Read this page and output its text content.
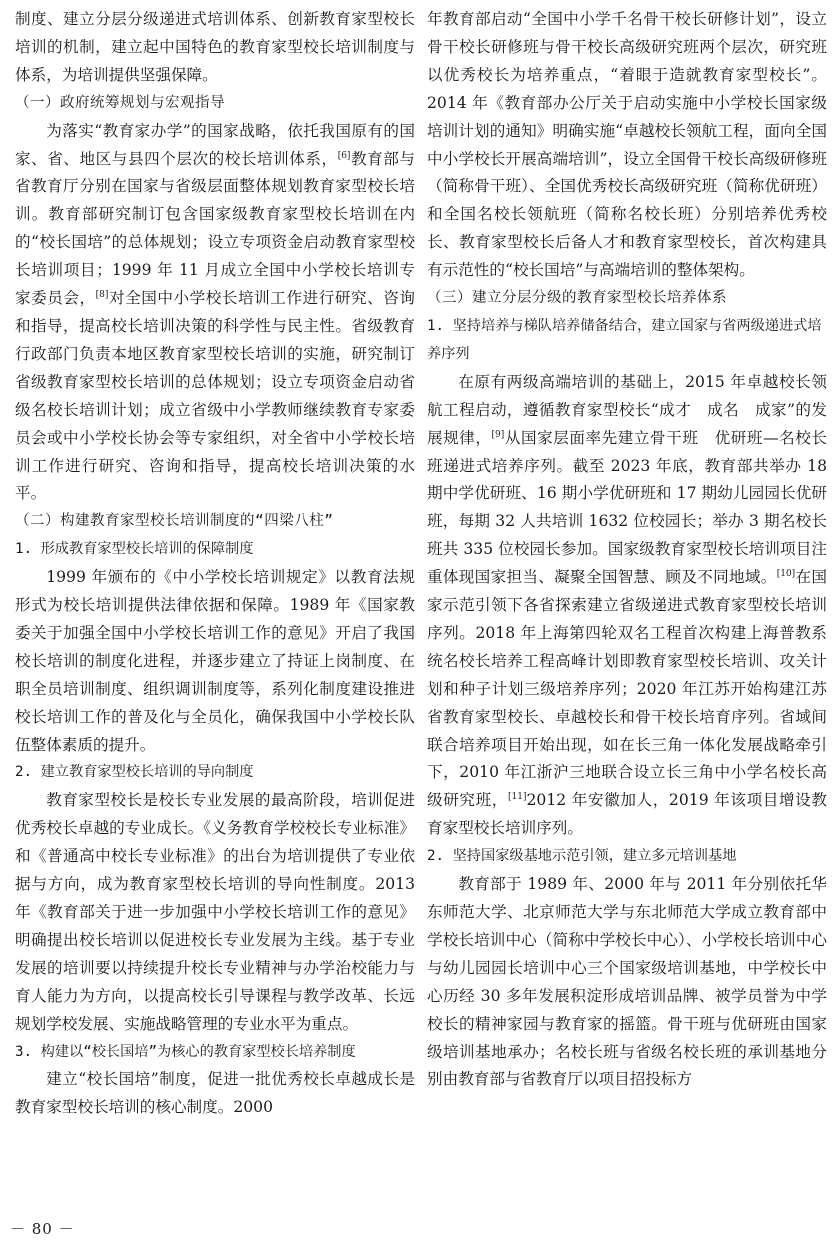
制度、建立分层分级递进式培训体系、创新教育家型校长培训的机制，建立起中国特色的教育家型校长培训制度与体系，为培训提供坚强保障。

（一）政府统筹规划与宏观指导

为落实“教育家办学”的国家战略，依托我国原有的国家、省、地区与县四个层次的校长培训体系，[6]教育部与省教育厅分别在国家与省级层面整体规划教育家型校长培训。教育部研究制订包含国家级教育家型校长培训在内的“校长国培”的总体规划；设立专项资金启动教育家型校长培训项目；1999 年 11 月成立全国中小学校长培训专家委员会，[8]对全国中小学校长培训工作进行研究、咨询和指导，提高校长培训决策的科学性与民主性。省级教育行政部门负责本地区教育家型校长培训的实施，研究制订省级教育家型校长培训的总体规划；设立专项资金启动省级名校长培训计划；成立省级中小学教师继续教育专家委员会或中小学校长协会等专家组织，对全省中小学校长培训工作进行研究、咨询和指导，提高校长培训决策的水平。

（二）构建教育家型校长培训制度的“四梁八柱”

1. 形成教育家型校长培训的保障制度

1999 年颁布的《中小学校长培训规定》以教育法规形式为校长培训提供法律依据和保障。1989 年《国家教委关于加强全国中小学校长培训工作的意见》开启了我国校长培训的制度化进程，并逐步建立了持证上岗制度、在职全员培训制度、组织调训制度等，系列化制度建设推进校长培训工作的普及化与全员化，确保我国中小学校长队伍整体素质的提升。

2. 建立教育家型校长培训的导向制度

教育家型校长是校长专业发展的最高阶段，培训促进优秀校长卓越的专业成长。《义务教育学校校长专业标准》和《普通高中校长专业标准》的出台为培训提供了专业依据与方向，成为教育家型校长培训的导向性制度。2013 年《教育部关于进一步加强中小学校长培训工作的意见》明确提出校长培训以促进校长专业发展为主线。基于专业发展的培训要以持续提升校长专业精神与办学治校能力与育人能力为方向，以提高校长引导课程与教学改革、长远规划学校发展、实施战略管理的专业水平为重点。

3. 构建以“校长国培”为核心的教育家型校长培养制度

建立“校长国培”制度，促进一批优秀校长卓越成长是教育家型校长培训的核心制度。2000

年教育部启动“全国中小学千名骨干校长研修计划”，设立骨干校长研修班与骨干校长高级研究班两个层次，研究班以优秀校长为培养重点，“着眼于造就教育家型校长”。2014 年《教育部办公厅关于启动实施中小学校长国家级培训计划的通知》明确实施“卓越校长领航工程，面向全国中小学校长开展高端培训”，设立全国骨干校长高级研修班（简称骨干班）、全国优秀校长高级研究班（简称优研班）和全国名校长领航班（简称名校长班）分别培养优秀校长、教育家型校长后备人才和教育家型校长，首次构建具有示范性的“校长国培”与高端培训的整体架构。

（三）建立分层分级的教育家型校长培养体系

1. 坚持培养与梯队培养储备结合，建立国家与省两级递进式培养序列

在原有两级高端培训的基础上，2015 年卓越校长领航工程启动，遵循教育家型校长“成才　成名　成家”的发展规律，[9]从国家层面率先建立骨干班　优研班—名校长班递进式培养序列。截至 2023 年底，教育部共举办 18 期中学优研班、16 期小学优研班和 17 期幼儿园园长优研班，每期 32 人共培训 1632 位校园长；举办 3 期名校长班共 335 位校园长参加。国家级教育家型校长培训项目注重体现国家担当、凝聚全国智慧、顾及不同地域。[10]在国家示范引领下各省探索建立省级递进式教育家型校长培训序列。2018 年上海第四轮双名工程首次构建上海普教系统名校长培养工程高峰计划即教育家型校长培训、攻关计划和种子计划三级培养序列；2020 年江苏开始构建江苏省教育家型校长、卓越校长和骨干校长培育序列。省域间联合培养项目开始出现，如在长三角一体化发展战略牵引下，2010 年江浙沪三地联合设立长三角中小学名校长高级研究班，[11]2012 年安徽加人，2019 年该项目增设教育家型校长培训序列。

2. 坚持国家级基地示范引领，建立多元培训基地

教育部于 1989 年、2000 年与 2011 年分别依托华东师范大学、北京师范大学与东北师范大学成立教育部中学校长培训中心（简称中学校长中心）、小学校长培训中心与幼儿园园长培训中心三个国家级培训基地，中学校长中心历经 30 多年发展积淀形成培训品牌、被学员誉为中学校长的精神家园与教育家的摇篮。骨干班与优研班由国家级培训基地承办；名校长班与省级名校长班的承训基地分别由教育部与省教育厅以项目招投标方

－ 80 －
